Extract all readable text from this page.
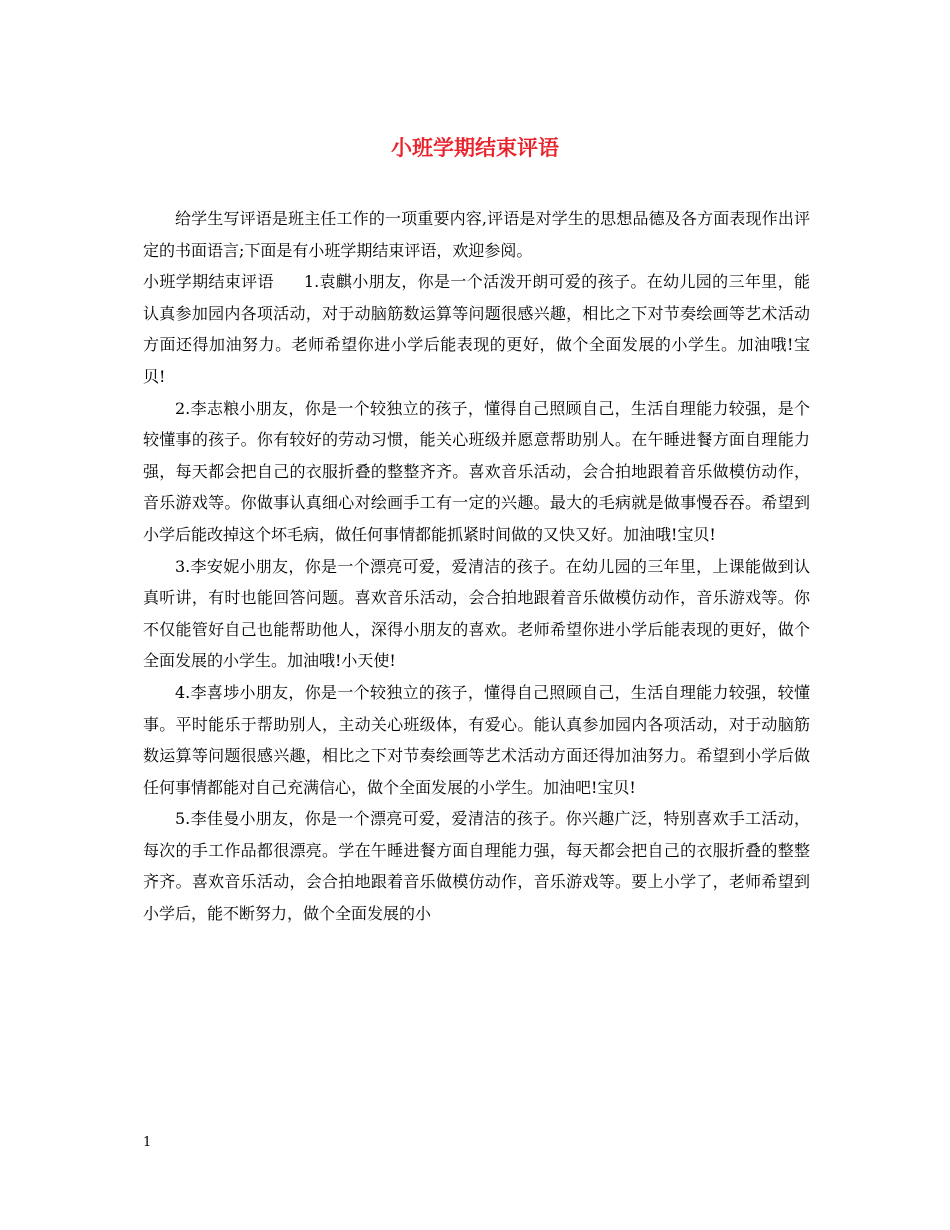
小班学期结束评语

给学生写评语是班主任工作的一项重要内容,评语是对学生的思想品德及各方面表现作出评定的书面语言;下面是有小班学期结束评语，欢迎参阅。

小班学期结束评语 1.袁麒小朋友，你是一个活泼开朗可爱的孩子。在幼儿园的三年里，能认真参加园内各项活动，对于动脑筋数运算等问题很感兴趣，相比之下对节奏绘画等艺术活动方面还得加油努力。老师希望你进小学后能表现的更好，做个全面发展的小学生。加油哦!宝贝!

2.李志粮小朋友，你是一个较独立的孩子，懂得自己照顾自己，生活自理能力较强，是个较懂事的孩子。你有较好的劳动习惯，能关心班级并愿意帮助别人。在午睡进餐方面自理能力强，每天都会把自己的衣服折叠的整整齐齐。喜欢音乐活动，会合拍地跟着音乐做模仿动作，音乐游戏等。你做事认真细心对绘画手工有一定的兴趣。最大的毛病就是做事慢吞吞。希望到小学后能改掉这个坏毛病，做任何事情都能抓紧时间做的又快又好。加油哦!宝贝!

3.李安妮小朋友，你是一个漂亮可爱，爱清洁的孩子。在幼儿园的三年里，上课能做到认真听讲，有时也能回答问题。喜欢音乐活动，会合拍地跟着音乐做模仿动作，音乐游戏等。你不仅能管好自己也能帮助他人，深得小朋友的喜欢。老师希望你进小学后能表现的更好，做个全面发展的小学生。加油哦!小天使!

4.李喜埗小朋友，你是一个较独立的孩子，懂得自己照顾自己，生活自理能力较强，较懂事。平时能乐于帮助别人，主动关心班级体，有爱心。能认真参加园内各项活动，对于动脑筋数运算等问题很感兴趣，相比之下对节奏绘画等艺术活动方面还得加油努力。希望到小学后做任何事情都能对自己充满信心，做个全面发展的小学生。加油吧!宝贝!

5.李佳曼小朋友，你是一个漂亮可爱，爱清洁的孩子。你兴趣广泛，特别喜欢手工活动，每次的手工作品都很漂亮。学在午睡进餐方面自理能力强，每天都会把自己的衣服折叠的整整齐齐。喜欢音乐活动，会合拍地跟着音乐做模仿动作，音乐游戏等。要上小学了，老师希望到小学后，能不断努力，做个全面发展的小

1
